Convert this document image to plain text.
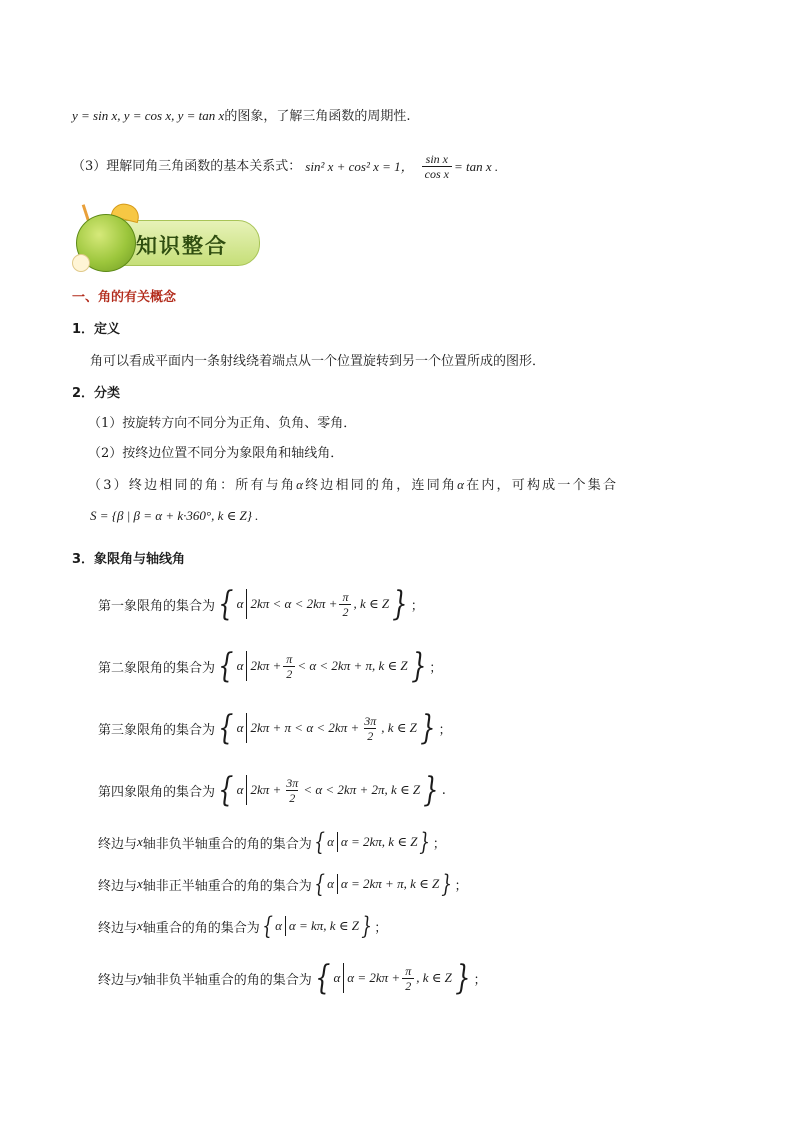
y = sin x, y = cos x, y = tan x的图象，了解三角函数的周期性.
（3）理解同角三角函数的基本关系式： sin² x + cos² x = 1， $\frac{\text{sin x}}{\text{cos x}} = \tan x$ .
知识整合
一、角的有关概念
1．定义
角可以看成平面内一条射线绕着端点从一个位置旋转到另一个位置所成的图形．
2．分类
（1）按旋转方向不同分为正角、负角、零角．
（2）按终边位置不同分为象限角和轴线角．
（3）终边相同的角：所有与角α终边相同的角，连同角α在内，可构成一个集合
S = {β | β = α + k·360°, k ∈ Z} .
3．象限角与轴线角
第一象限角的集合为 { α $2k\pi < \alpha < 2k\pi + \frac{\pi}{2}$ , k ∈ Z } ；
第二象限角的集合为 { α $2k\pi + \frac{\pi}{2} < \alpha < 2k\pi + \pi$, k ∈ Z } ；
第三象限角的集合为 { α $2k\pi + \pi < \alpha < 2k\pi + \frac{3\pi}{2}$ , k ∈ Z } ；
第四象限角的集合为 { α $2k\pi + \frac{3\pi}{2} < \alpha < 2k\pi + 2\pi$, k ∈ Z } .
终边与 x 轴非负半轴重合的角的集合为 { α α = 2kπ, k ∈ Z } ；
终边与 x 轴非正半轴重合的角的集合为 { α α = 2kπ + π, k ∈ Z } ；
终边与 x 轴重合的角的集合为 { α α = kπ, k ∈ Z } ；
终边与 y 轴非负半轴重合的角的集合为 { α $\alpha = 2k\pi + \frac{\pi}{2}$ , k ∈ Z } ；
